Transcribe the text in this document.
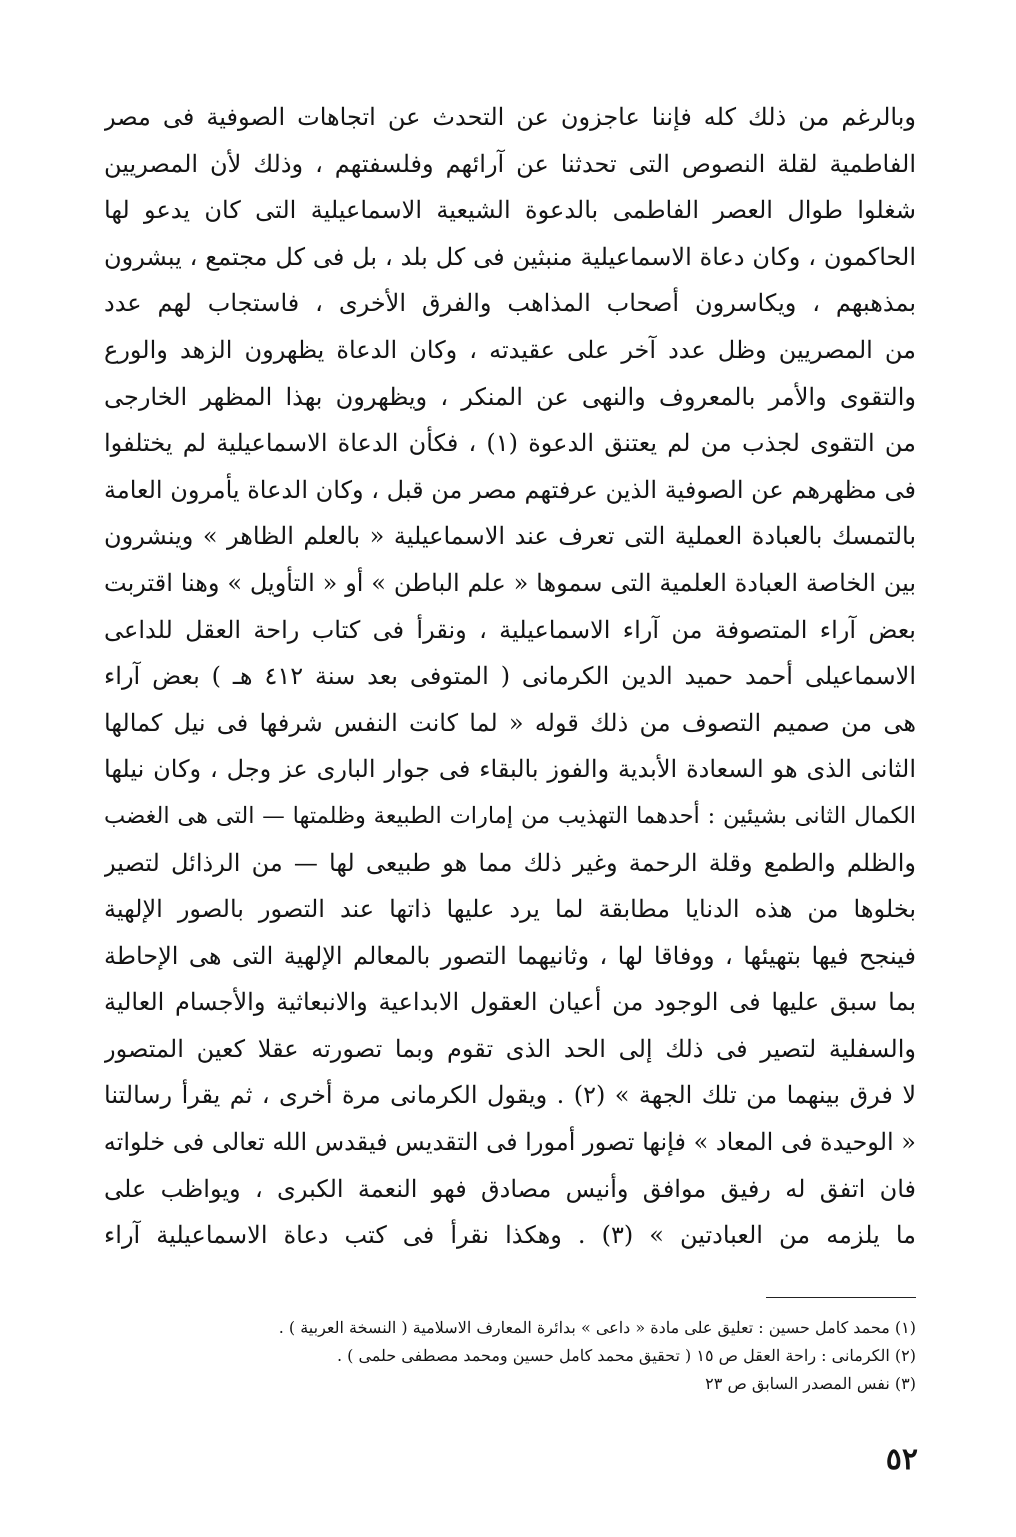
وبالرغم من ذلك كله فإننا عاجزون عن التحدث عن اتجاهات الصوفية فى مصر
الفاطمية لقلة النصوص التى تحدثنا عن آرائهم وفلسفتهم ، وذلك لأن المصريين
شغلوا طوال العصر الفاطمى بالدعوة الشيعية الاسماعيلية التى كان يدعو لها
الحاكمون ، وكان دعاة الاسماعيلية منبثين فى كل بلد ، بل فى كل مجتمع ، يبشرون
بمذهبهم ، ويكاسرون أصحاب المذاهب والفرق الأخرى ، فاستجاب لهم عدد
من المصريين وظل عدد آخر على عقيدته ، وكان الدعاة يظهرون الزهد والورع
والتقوى والأمر بالمعروف والنهى عن المنكر ، ويظهرون بهذا المظهر الخارجى
من التقوى لجذب من لم يعتنق الدعوة (١) ، فكأن الدعاة الاسماعيلية لم يختلفوا
فى مظهرهم عن الصوفية الذين عرفتهم مصر من قبل ، وكان الدعاة يأمرون العامة
بالتمسك بالعبادة العملية التى تعرف عند الاسماعيلية « بالعلم الظاهر » وينشرون
بين الخاصة العبادة العلمية التى سموها « علم الباطن » أو « التأويل » وهنا اقتربت
بعض آراء المتصوفة من آراء الاسماعيلية ، ونقرأ فى كتاب راحة العقل للداعى
الاسماعيلى أحمد حميد الدين الكرمانى ( المتوفى بعد سنة ٤١٢ هـ ) بعض آراء
هى من صميم التصوف من ذلك قوله « لما كانت النفس شرفها فى نيل كمالها
الثانى الذى هو السعادة الأبدية والفوز بالبقاء فى جوار البارى عز وجل ، وكان نيلها
الكمال الثانى بشيئين : أحدهما التهذيب من إمارات الطبيعة وظلمتها — التى هى الغضب
والظلم والطمع وقلة الرحمة وغير ذلك مما هو طبيعى لها — من الرذائل لتصير
بخلوها من هذه الدنايا مطابقة لما يرد عليها ذاتها عند التصور بالصور الإلهية
فينجح فيها بتهيئها ، ووفاقا لها ، وثانيهما التصور بالمعالم الإلهية التى هى الإحاطة
بما سبق عليها فى الوجود من أعيان العقول الابداعية والانبعاثية والأجسام العالية
والسفلية لتصير فى ذلك إلى الحد الذى تقوم وبما تصورته عقلا كعين المتصور
لا فرق بينهما من تلك الجهة » (٢) . ويقول الكرمانى مرة أخرى ، ثم يقرأ رسالتنا
« الوحيدة فى المعاد » فإنها تصور أمورا فى التقديس فيقدس الله تعالى فى خلواته
فان اتفق له رفيق موافق وأنيس مصادق فهو النعمة الكبرى ، ويواظب على
ما يلزمه من العبادتين » (٣) . وهكذا نقرأ فى كتب دعاة الاسماعيلية آراء
(١) محمد كامل حسين : تعليق على مادة « داعى » بدائرة المعارف الاسلامية ( النسخة العربية ) .
(٢) الكرمانى : راحة العقل ص ١٥ ( تحقيق محمد كامل حسين ومحمد مصطفى حلمى ) .
(٣) نفس المصدر السابق ص ٢٣
٥٢
